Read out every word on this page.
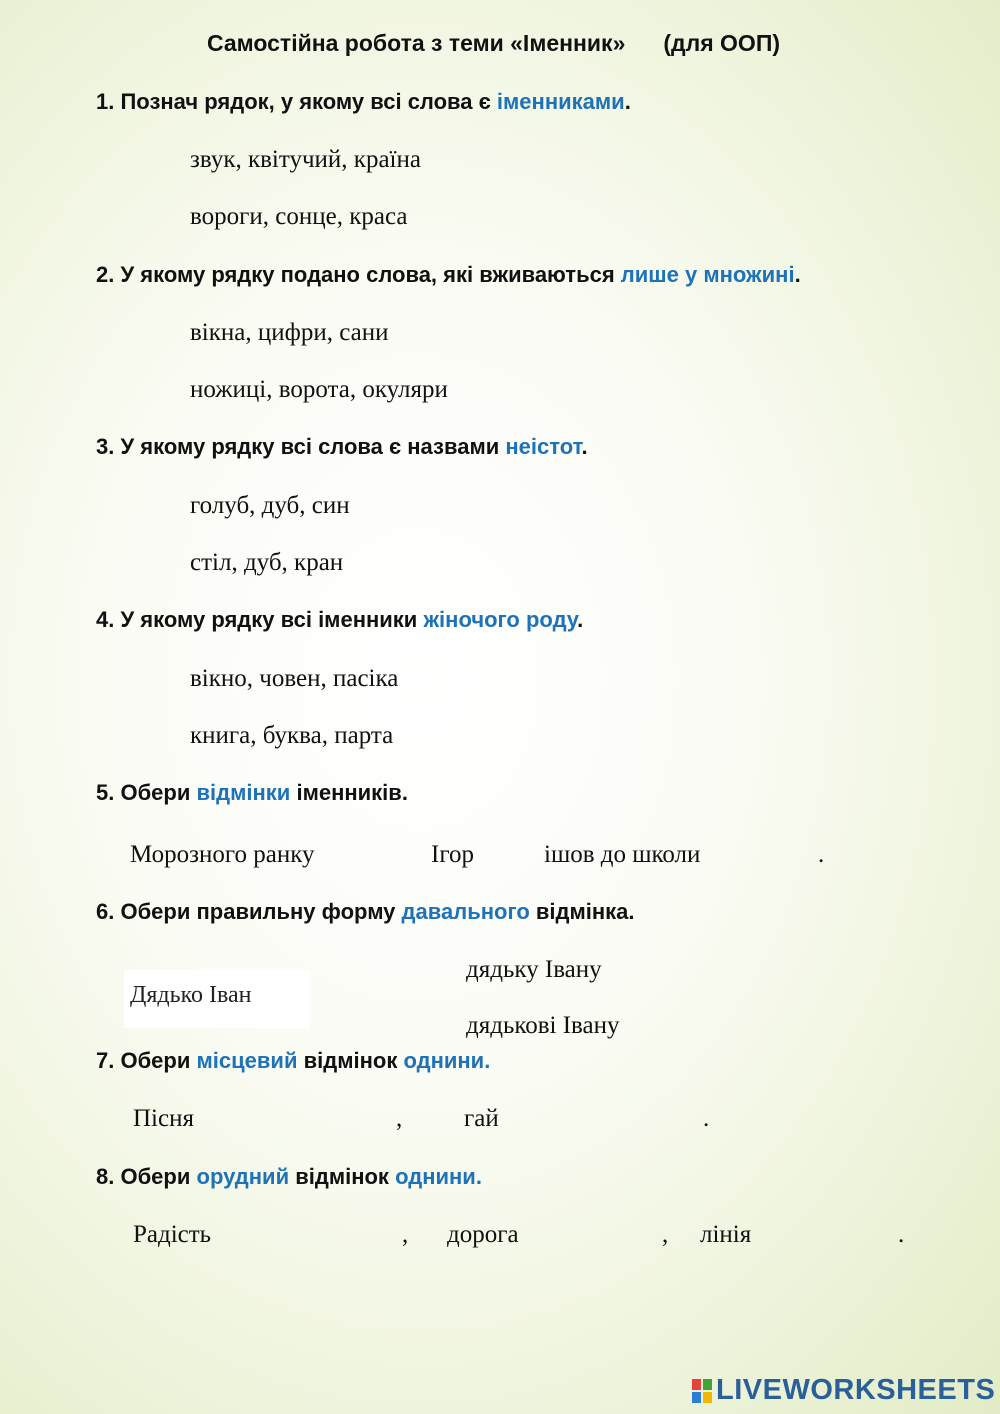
Самостійна робота з теми «Іменник» (для ООП)
1. Познач рядок, у якому всі слова є іменниками.
звук, квітучий, країна
вороги, сонце, краса
2. У якому рядку подано слова, які вживаються лише у множині.
вікна, цифри, сани
ножиці, ворота, окуляри
3. У якому рядку всі слова є назвами неістот.
голуб, дуб, син
стіл, дуб, кран
4. У якому рядку всі іменники жіночого роду.
вікно, човен, пасіка
книга, буква, парта
5. Обери відмінки іменників.
Морозного ранку	Ігор	ішов до школи	.
6. Обери правильну форму давального відмінка.
дядьку Івану
Дядько Іван
дядькові Івану
7. Обери місцевий відмінок однини.
Пісня	, гай	.
8. Обери орудний відмінок однини.
Радість	, дорога	, лінія	.
LIVEWORKSHEETS
